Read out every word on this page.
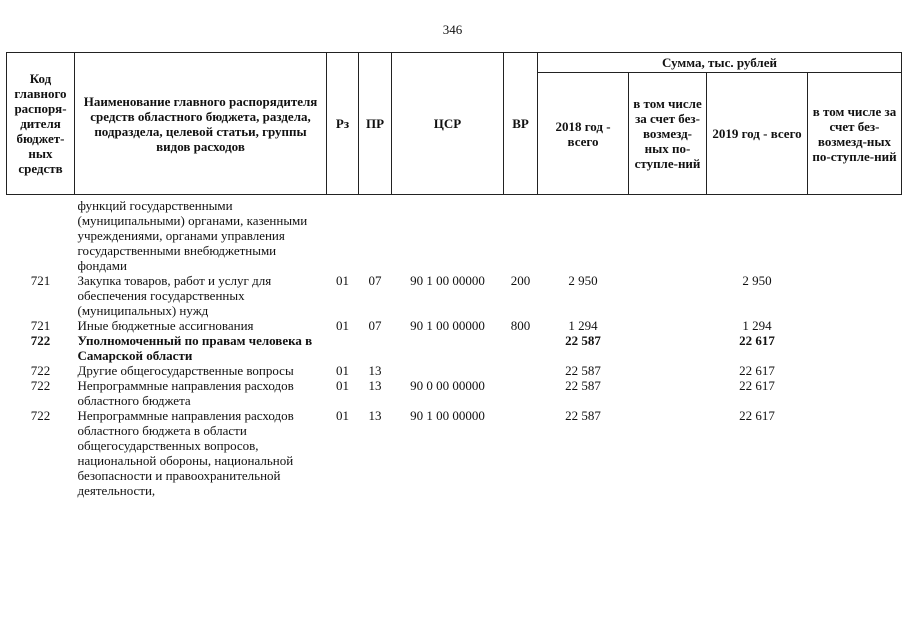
346
Код главного распоря-дителя бюджет-ных средств	Наименование главного распорядителя средств областного бюджета, раздела, подраздела, целевой статьи, группы видов расходов	Рз	ПР	ЦСР	ВР	Сумма, тыс. рублей			
						2018 год - всего	в том числе за счет без-возмезд-ных по-ступле-ний	2019 год - всего	в том числе за счет без-возмезд-ных по-ступле-ний
	функций государственными (муниципальными) органами, казенными учреждениями, органами управления государственными внебюджетными фондами								
721	Закупка товаров, работ и услуг для обеспечения государственных (муниципальных) нужд	01	07	90 1 00 00000	200	2 950		2 950	
721	Иные бюджетные ассигнования	01	07	90 1 00 00000	800	1 294		1 294	
722	Уполномоченный по правам человека в Самарской области					22 587		22 617	
722	Другие общегосударственные вопросы	01	13			22 587		22 617	
722	Непрограммные направления расходов областного бюджета	01	13	90 0 00 00000		22 587		22 617	
722	Непрограммные направления расходов областного бюджета в области общегосударственных вопросов, национальной обороны, национальной безопасности и правоохранительной деятельности,	01	13	90 1 00 00000		22 587		22 617	
